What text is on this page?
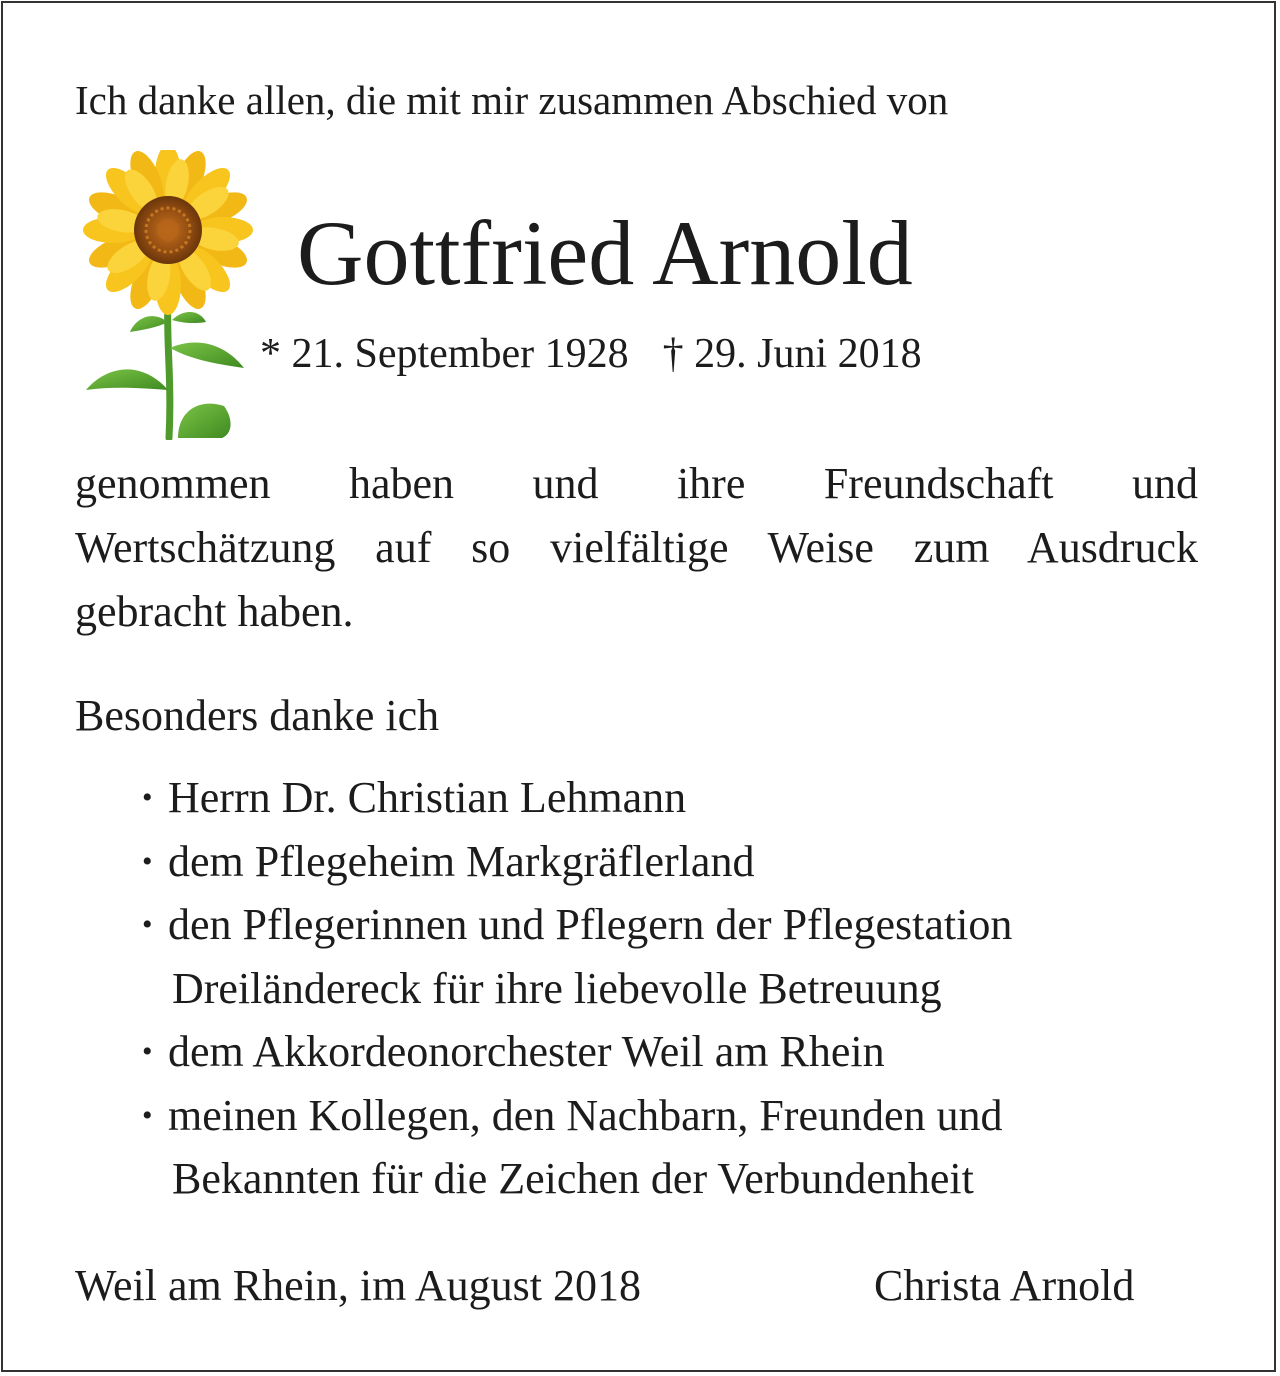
Ich danke allen, die mit mir zusammen Abschied von
Gottfried Arnold
* 21. September 1928 † 29. Juni 2018
genommen haben und ihre Freundschaft und
Wertschätzung auf so vielfältige Weise zum Ausdruck
gebracht haben.
Besonders danke ich
• Herrn Dr. Christian Lehmann
• dem Pflegeheim Markgräflerland
• den Pflegerinnen und Pflegern der Pflegestation
Dreiländereck für ihre liebevolle Betreuung
• dem Akkordeonorchester Weil am Rhein
• meinen Kollegen, den Nachbarn, Freunden und
Bekannten für die Zeichen der Verbundenheit
Weil am Rhein, im August 2018	Christa Arnold
